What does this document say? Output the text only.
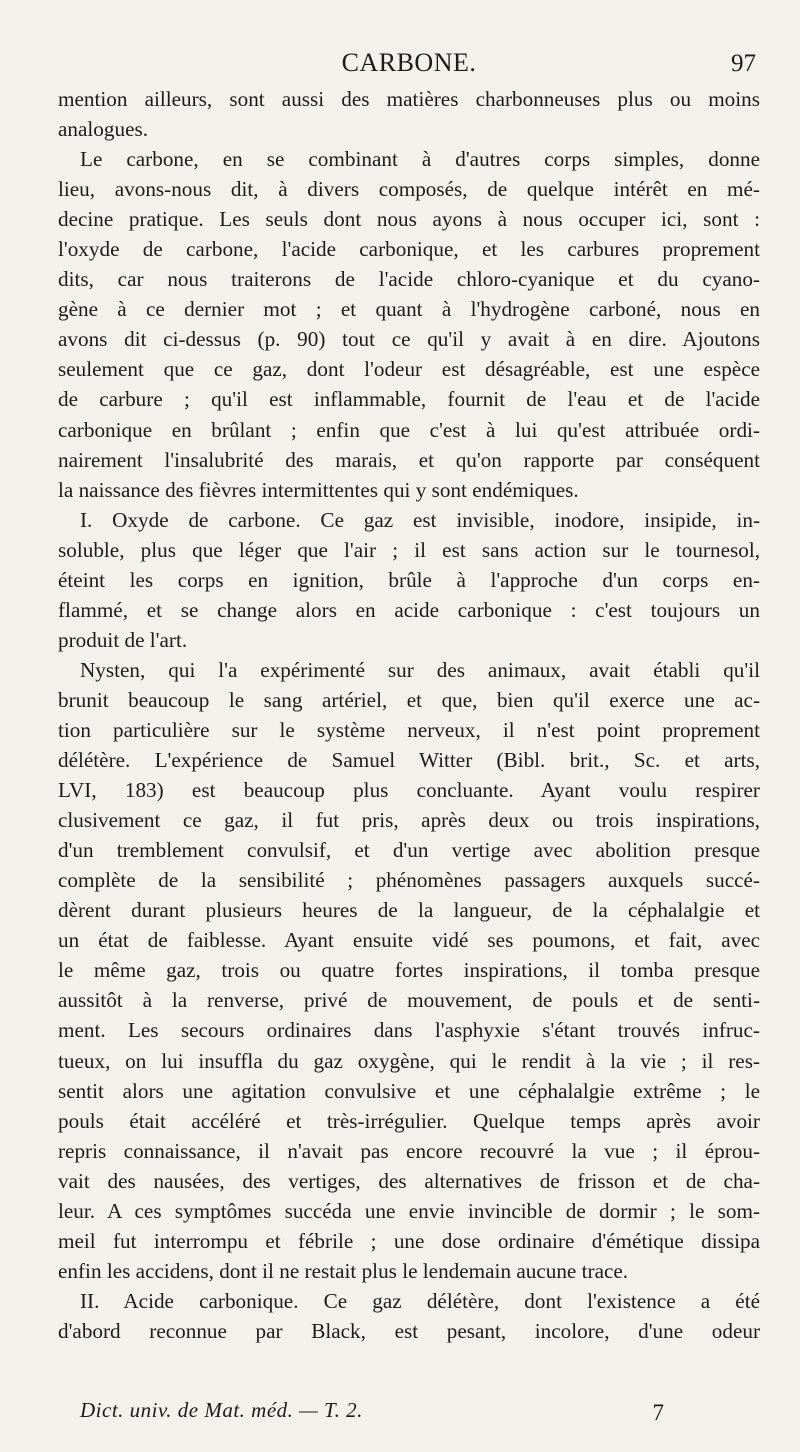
CARBONE.	97
mention ailleurs, sont aussi des matières charbonneuses plus ou moins
analogues.
Le carbone, en se combinant à d'autres corps simples, donne
lieu, avons-nous dit, à divers composés, de quelque intérêt en mé-
decine pratique. Les seuls dont nous ayons à nous occuper ici, sont :
l'oxyde de carbone, l'acide carbonique, et les carbures proprement
dits, car nous traiterons de l'acide chloro-cyanique et du cyano-
gène à ce dernier mot ; et quant à l'hydrogène carboné, nous en
avons dit ci-dessus (p. 90) tout ce qu'il y avait à en dire. Ajoutons
seulement que ce gaz, dont l'odeur est désagréable, est une espèce
de carbure ; qu'il est inflammable, fournit de l'eau et de l'acide
carbonique en brûlant ; enfin que c'est à lui qu'est attribuée ordi-
nairement l'insalubrité des marais, et qu'on rapporte par conséquent
la naissance des fièvres intermittentes qui y sont endémiques.
I. Oxyde de carbone. Ce gaz est invisible, inodore, insipide, in-
soluble, plus que léger que l'air ; il est sans action sur le tournesol,
éteint les corps en ignition, brûle à l'approche d'un corps en-
flammé, et se change alors en acide carbonique : c'est toujours un
produit de l'art.
Nysten, qui l'a expérimenté sur des animaux, avait établi qu'il
brunit beaucoup le sang artériel, et que, bien qu'il exerce une ac-
tion particulière sur le système nerveux, il n'est point proprement
délétère. L'expérience de Samuel Witter (Bibl. brit., Sc. et arts,
LVI, 183) est beaucoup plus concluante. Ayant voulu respirer
clusivement ce gaz, il fut pris, après deux ou trois inspirations,
d'un tremblement convulsif, et d'un vertige avec abolition presque
complète de la sensibilité ; phénomènes passagers auxquels succé-
dèrent durant plusieurs heures de la langueur, de la céphalalgie et
un état de faiblesse. Ayant ensuite vidé ses poumons, et fait, avec
le même gaz, trois ou quatre fortes inspirations, il tomba presque
aussitôt à la renverse, privé de mouvement, de pouls et de senti-
ment. Les secours ordinaires dans l'asphyxie s'étant trouvés infruc-
tueux, on lui insuffla du gaz oxygène, qui le rendit à la vie ; il res-
sentit alors une agitation convulsive et une céphalalgie extrême ; le
pouls était accéléré et très-irrégulier. Quelque temps après avoir
repris connaissance, il n'avait pas encore recouvré la vue ; il éprou-
vait des nausées, des vertiges, des alternatives de frisson et de cha-
leur. A ces symptômes succéda une envie invincible de dormir ; le som-
meil fut interrompu et fébrile ; une dose ordinaire d'émétique dissipa
enfin les accidens, dont il ne restait plus le lendemain aucune trace.
II. Acide carbonique. Ce gaz délétère, dont l'existence a été
d'abord reconnue par Black, est pesant, incolore, d'une odeur
Dict. univ. de Mat. méd. — T. 2.	7
